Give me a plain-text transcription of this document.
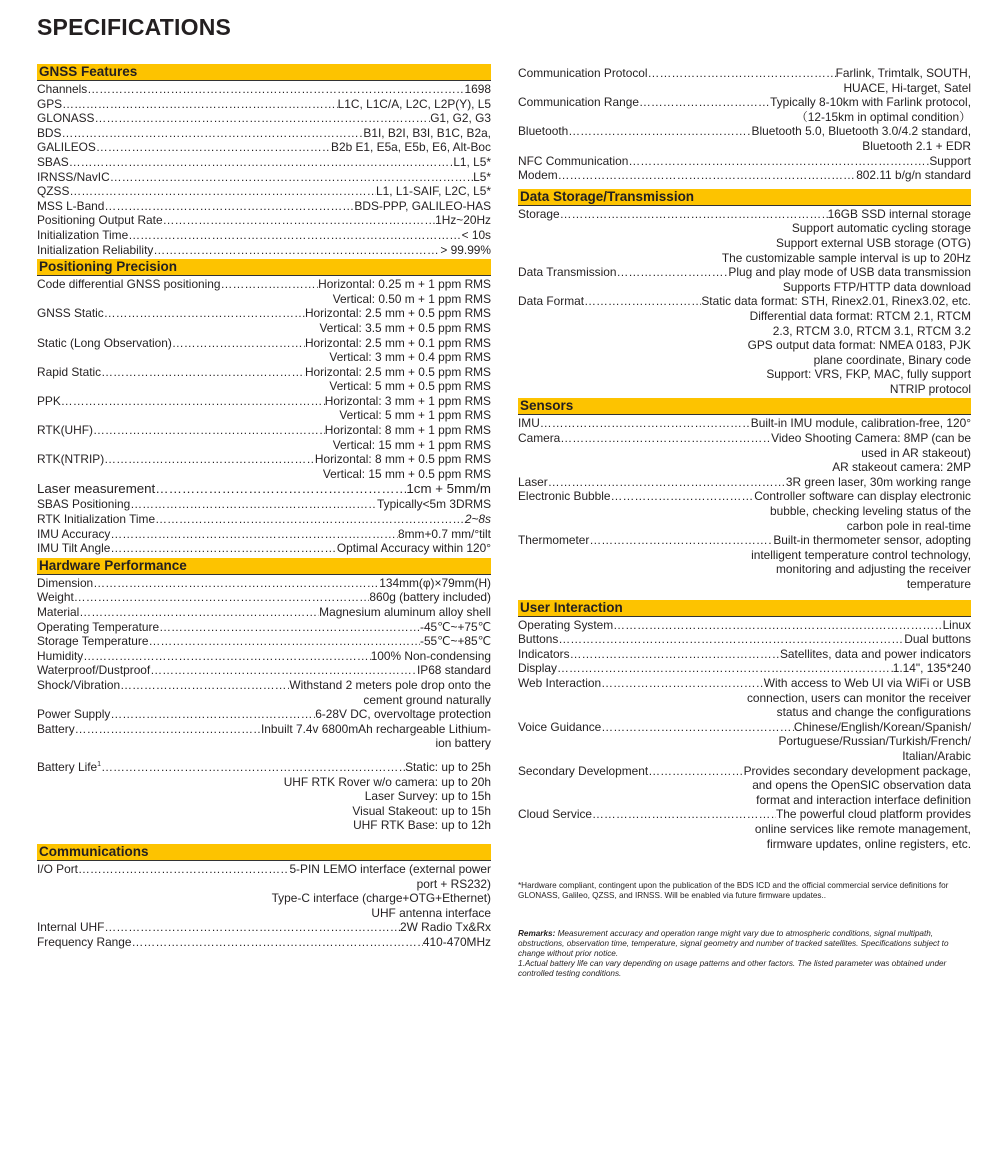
SPECIFICATIONS
GNSS Features
Channels ………………………………………………………………………………………………………………………………………………………………	1698
GPS ………………………………………………………………………………………………………………………………………………………………	L1C, L1C/A, L2C, L2P(Y), L5
GLONASS ………………………………………………………………………………………………………………………………………………………………	G1, G2, G3
BDS ………………………………………………………………………………………………………………………………………………………………	B1I, B2I, B3I, B1C, B2a,
GALILEOS ………………………………………………………………………………………………………………………………………………………………	B2b E1, E5a, E5b, E6, Alt-Boc
SBAS ………………………………………………………………………………………………………………………………………………………………	L1, L5*
IRNSS/NavIC ………………………………………………………………………………………………………………………………………………………………	L5*
QZSS ………………………………………………………………………………………………………………………………………………………………	L1, L1-SAIF, L2C, L5*
MSS L-Band ………………………………………………………………………………………………………………………………………………………………	BDS-PPP, GALILEO-HAS
Positioning Output Rate ………………………………………………………………………………………………………………………………………………………………	1Hz~20Hz
Initialization Time ………………………………………………………………………………………………………………………………………………………………	< 10s
Initialization Reliability ………………………………………………………………………………………………………………………………………………………………	> 99.99%
Positioning Precision
Code differential GNSS positioning ………………………………………………………………………………………………………………………………………………………………	Horizontal: 0.25 m + 1 ppm RMS
Vertical: 0.50 m + 1 ppm RMS
GNSS Static ………………………………………………………………………………………………………………………………………………………………	Horizontal: 2.5 mm + 0.5 ppm RMS
Vertical: 3.5 mm + 0.5 ppm RMS
Static (Long Observation) ………………………………………………………………………………………………………………………………………………………………	Horizontal: 2.5 mm + 0.1 ppm RMS
Vertical: 3 mm + 0.4 ppm RMS
Rapid Static ………………………………………………………………………………………………………………………………………………………………	Horizontal: 2.5 mm + 0.5 ppm RMS
Vertical: 5 mm + 0.5 ppm RMS
PPK ………………………………………………………………………………………………………………………………………………………………	Horizontal: 3 mm + 1 ppm RMS
Vertical: 5 mm + 1 ppm RMS
RTK(UHF) ………………………………………………………………………………………………………………………………………………………………	Horizontal: 8 mm + 1 ppm RMS
Vertical: 15 mm + 1 ppm RMS
RTK(NTRIP) ………………………………………………………………………………………………………………………………………………………………	Horizontal: 8 mm + 0.5 ppm RMS
Vertical: 15 mm + 0.5 ppm RMS
Laser measurement ………………………………………………………………………………………………………………………………………………………………	1cm + 5mm/m
SBAS Positioning ………………………………………………………………………………………………………………………………………………………………	Typically<5m 3DRMS
RTK Initialization Time ………………………………………………………………………………………………………………………………………………………………	2~8s
IMU Accuracy ………………………………………………………………………………………………………………………………………………………………	8mm+0.7 mm/°tilt
IMU Tilt Angle ………………………………………………………………………………………………………………………………………………………………	Optimal Accuracy within 120°
Hardware Performance
Dimension ………………………………………………………………………………………………………………………………………………………………	134mm(φ)×79mm(H)
Weight ………………………………………………………………………………………………………………………………………………………………	860g (battery included)
Material ………………………………………………………………………………………………………………………………………………………………	Magnesium aluminum alloy shell
Operating Temperature ………………………………………………………………………………………………………………………………………………………………	-45℃~+75℃
Storage Temperature ………………………………………………………………………………………………………………………………………………………………	-55℃~+85℃
Humidity ………………………………………………………………………………………………………………………………………………………………	100% Non-condensing
Waterproof/Dustproof ………………………………………………………………………………………………………………………………………………………………	IP68 standard
Shock/Vibration ………………………………………………………………………………………………………………………………………………………………	Withstand 2 meters pole drop onto the
cement ground naturally
Power Supply ………………………………………………………………………………………………………………………………………………………………	6-28V DC, overvoltage protection
Battery ………………………………………………………………………………………………………………………………………………………………	Inbuilt 7.4v 6800mAh rechargeable Lithium-
ion battery
Battery Life$^1$ ………………………………………………………………………………………………………………………………………………………………	Static: up to 25h
UHF RTK Rover w/o camera: up to 20h
Laser Survey: up to 15h
Visual Stakeout: up to 15h
UHF RTK Base: up to 12h
Communications
I/O Port ………………………………………………………………………………………………………………………………………………………………	5-PIN LEMO interface (external power
port + RS232)
Type-C interface (charge+OTG+Ethernet)
UHF antenna interface
Internal UHF ………………………………………………………………………………………………………………………………………………………………	2W Radio Tx&Rx
Frequency Range ………………………………………………………………………………………………………………………………………………………………	410-470MHz
Communication Protocol ………………………………………………………………………………………………………………………………………………………………	Farlink, Trimtalk, SOUTH,
HUACE, Hi-target, Satel
Communication Range ………………………………………………………………………………………………………………………………………………………………	Typically 8-10km with Farlink protocol,
（12-15km in optimal condition）
Bluetooth ………………………………………………………………………………………………………………………………………………………………	Bluetooth 5.0, Bluetooth 3.0/4.2 standard,
Bluetooth 2.1 + EDR
NFC Communication ………………………………………………………………………………………………………………………………………………………………	Support
Modem ………………………………………………………………………………………………………………………………………………………………	802.11 b/g/n standard
Data Storage/Transmission
Storage ………………………………………………………………………………………………………………………………………………………………	16GB SSD internal storage
Support automatic cycling storage
Support external USB storage (OTG)
The customizable sample interval is up to 20Hz
Data Transmission ………………………………………………………………………………………………………………………………………………………………	Plug and play mode of USB data transmission
Supports FTP/HTTP data download
Data Format ………………………………………………………………………………………………………………………………………………………………	Static data format: STH, Rinex2.01, Rinex3.02, etc.
Differential data format: RTCM 2.1, RTCM
2.3, RTCM 3.0, RTCM 3.1, RTCM 3.2
GPS output data format: NMEA 0183, PJK
plane coordinate, Binary code
Support: VRS, FKP, MAC, fully support
NTRIP protocol
Sensors
IMU ………………………………………………………………………………………………………………………………………………………………	Built-in IMU module, calibration-free, 120°
Camera ………………………………………………………………………………………………………………………………………………………………	Video Shooting Camera: 8MP (can be
used in AR stakeout)
AR stakeout camera: 2MP
Laser ………………………………………………………………………………………………………………………………………………………………	3R green laser, 30m working range
Electronic Bubble ………………………………………………………………………………………………………………………………………………………………	Controller software can display electronic
bubble, checking leveling status of the
carbon pole in real-time
Thermometer ………………………………………………………………………………………………………………………………………………………………	Built-in thermometer sensor, adopting
intelligent temperature control technology,
monitoring and adjusting the receiver
temperature
User Interaction
Operating System ………………………………………………………………………………………………………………………………………………………………	Linux
Buttons ………………………………………………………………………………………………………………………………………………………………	Dual buttons
Indicators ………………………………………………………………………………………………………………………………………………………………	Satellites, data and power indicators
Display ………………………………………………………………………………………………………………………………………………………………	1.14", 135*240
Web Interaction ………………………………………………………………………………………………………………………………………………………………	With access to Web UI via WiFi or USB
connection, users can monitor the receiver
status and change the configurations
Voice Guidance ………………………………………………………………………………………………………………………………………………………………	Chinese/English/Korean/Spanish/
Portuguese/Russian/Turkish/French/
Italian/Arabic
Secondary Development ………………………………………………………………………………………………………………………………………………………………	Provides secondary development package,
and opens the OpenSIC observation data
format and interaction interface definition
Cloud Service ………………………………………………………………………………………………………………………………………………………………	The powerful cloud platform provides
online services like remote management,
firmware updates, online registers, etc.
*Hardware compliant, contingent upon the publication of the BDS ICD and the official commercial service definitions for GLONASS, Galileo, QZSS, and IRNSS. Will be enabled via future firmware updates..
Remarks: Measurement accuracy and operation range might vary due to atmospheric conditions, signal multipath, obstructions, observation time, temperature, signal geometry and number of tracked satellites. Specifications subject to change without prior notice.
1.Actual battery life can vary depending on usage patterns and other factors. The listed parameter was obtained under controlled testing conditions.
